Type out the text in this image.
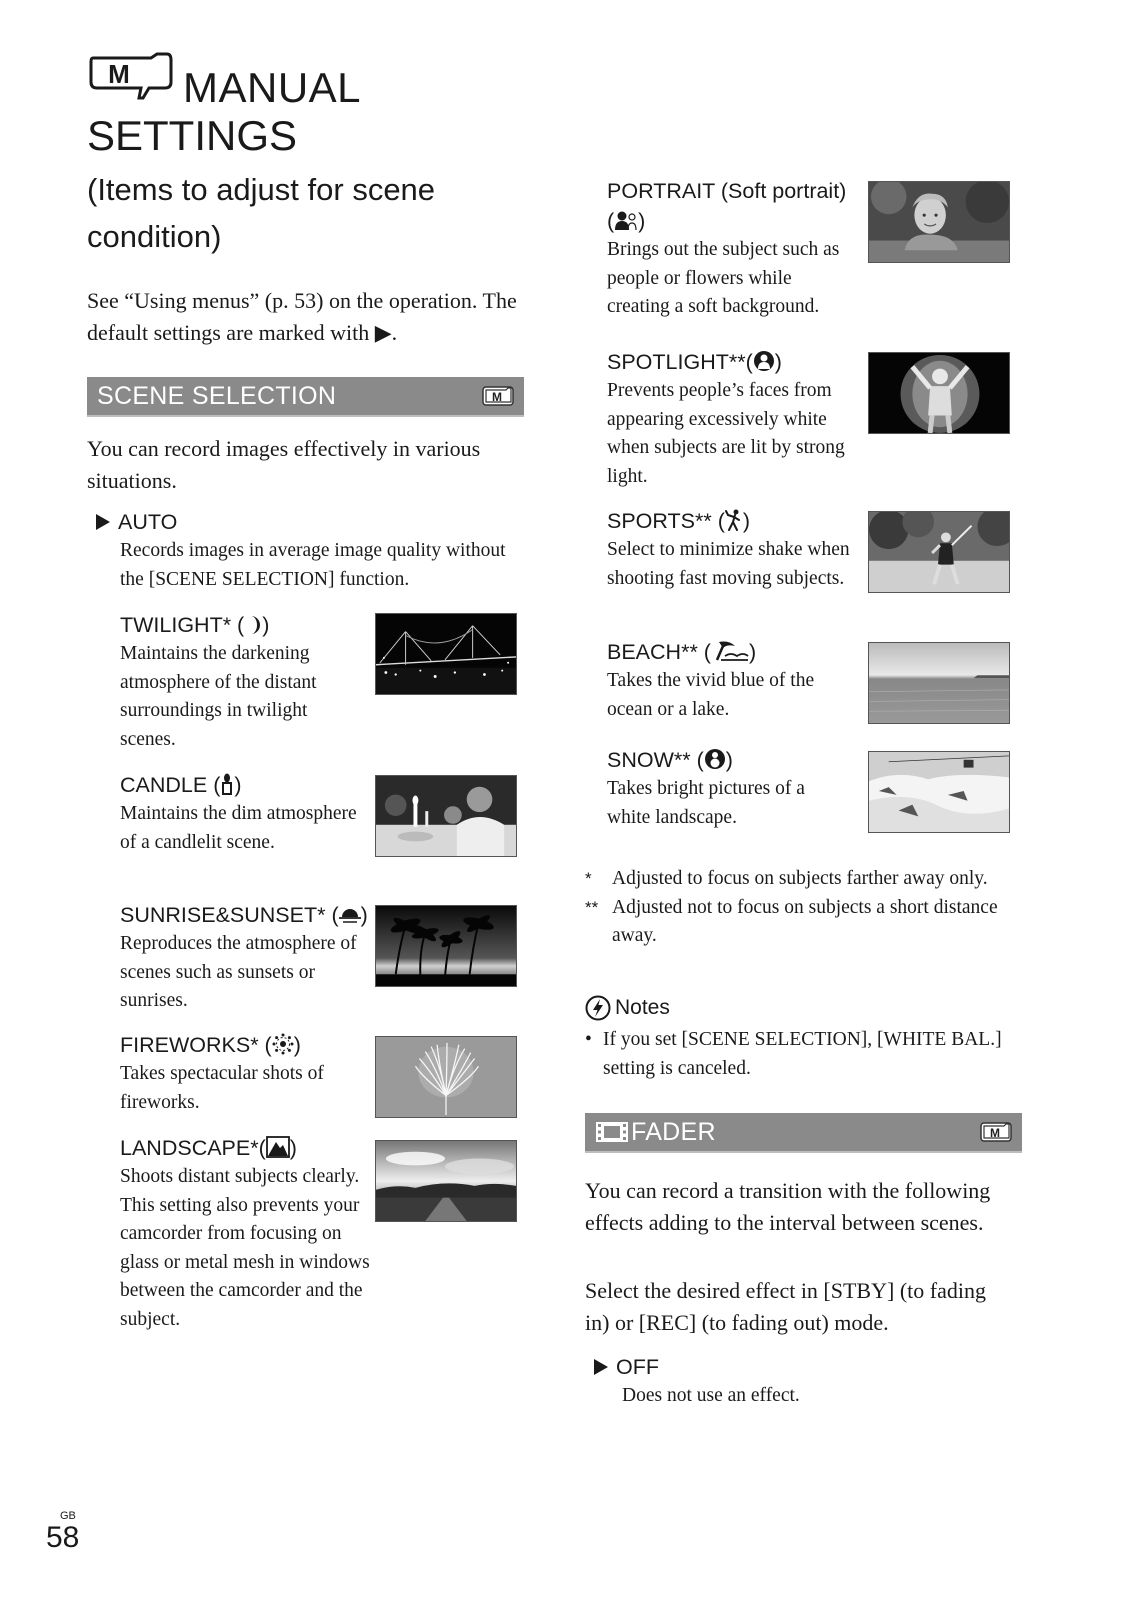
M MANUAL
SETTINGS
(Items to adjust for scene condition)
See “Using menus” (p. 53) on the operation. The default settings are marked with ▶.
SCENE SELECTION	M
You can record images effectively in various situations.
AUTO
Records images in average image quality without the [SCENE SELECTION] function.
TWILIGHT* ( )
Maintains the darkening atmosphere of the distant surroundings in twilight scenes.
CANDLE ( )
Maintains the dim atmosphere of a candlelit scene.
SUNRISE&SUNSET* ( )
Reproduces the atmosphere of scenes such as sunsets or sunrises.
FIREWORKS* ( )
Takes spectacular shots of fireworks.
LANDSCAPE*( )
Shoots distant subjects clearly. This setting also prevents your camcorder from focusing on glass or metal mesh in windows between the camcorder and the subject.
PORTRAIT (Soft portrait)
( )
Brings out the subject such as people or flowers while creating a soft background.
SPOTLIGHT**( )
Prevents people’s faces from appearing excessively white when subjects are lit by strong light.
SPORTS** ( )
Select to minimize shake when shooting fast moving subjects.
BEACH** ( )
Takes the vivid blue of the ocean or a lake.
SNOW** ( )
Takes bright pictures of a white landscape.
*	Adjusted to focus on subjects farther away only.
** Adjusted not to focus on subjects a short distance away.
Notes
• If you set [SCENE SELECTION], [WHITE BAL.] setting is canceled.
FADER	M
You can record a transition with the following effects adding to the interval between scenes.
Select the desired effect in [STBY] (to fading in) or [REC] (to fading out) mode.
OFF
Does not use an effect.
GB
58
